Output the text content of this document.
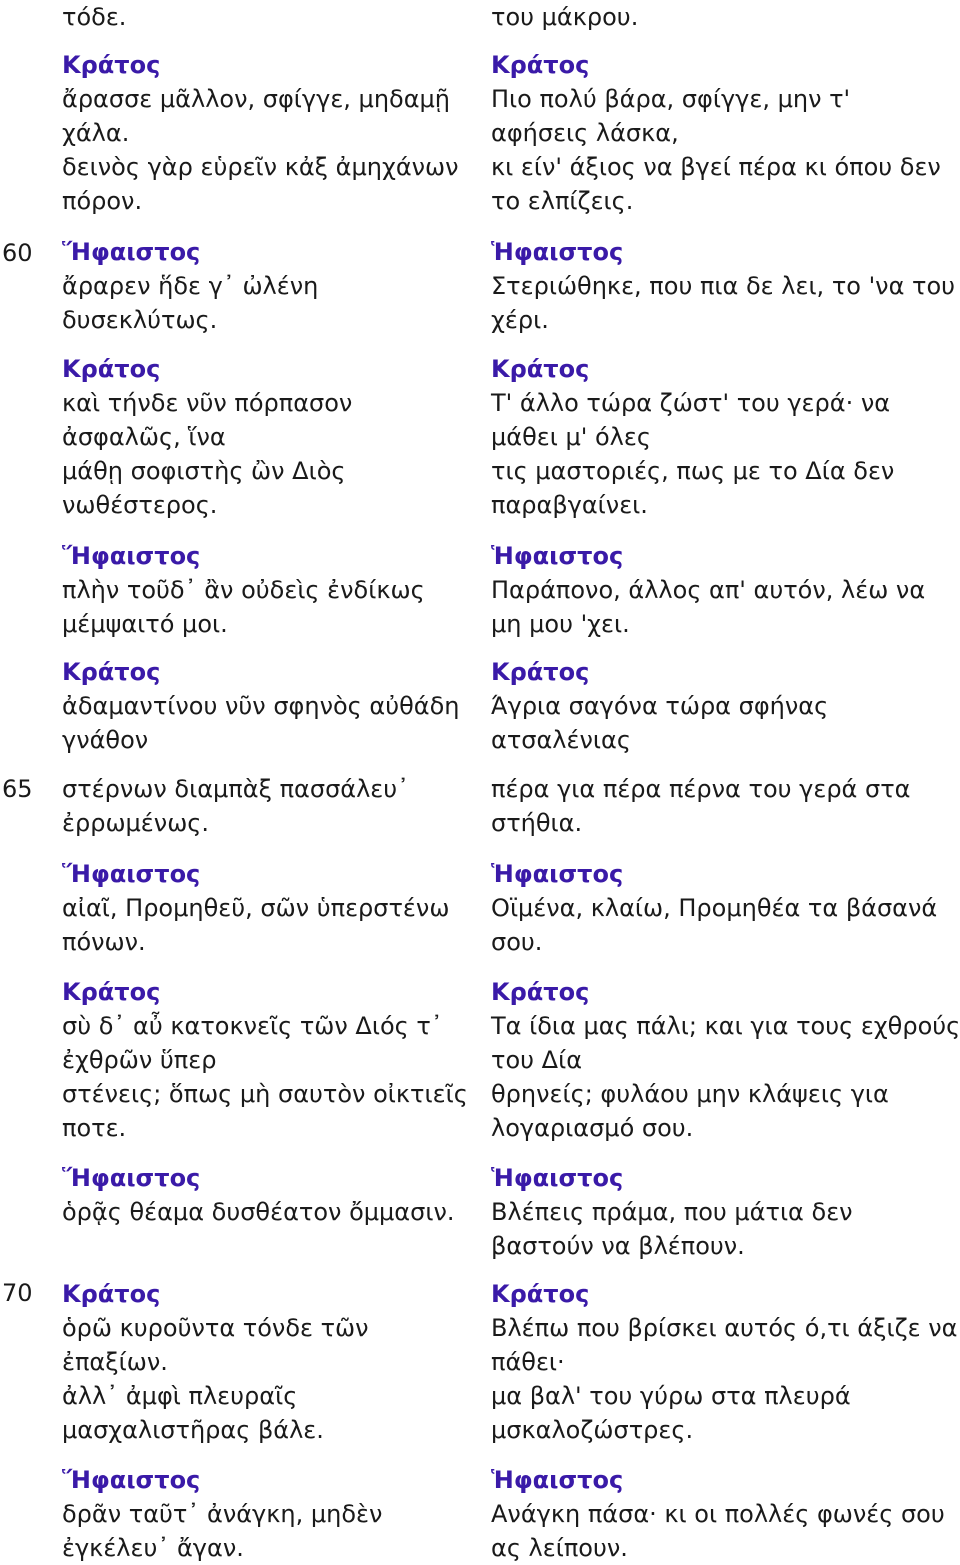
60
65
70
τόδε.
Κράτος
ἄρασσε μᾶλλον, σφίγγε, μηδαμῇ
χάλα.
δεινὸς γὰρ εὑρεῖν κἀξ ἀμηχάνων
πόρον.
Ἥφαιστος
ἄραρεν ἥδε γ᾽ ὠλένη
δυσεκλύτως.
Κράτος
καὶ τήνδε νῦν πόρπασον
ἀσφαλῶς, ἵνα
μάθῃ σοφιστὴς ὢν Διὸς
νωθέστερος.
Ἥφαιστος
πλὴν τοῦδ᾽ ἂν οὐδεὶς ἐνδίκως
μέμψαιτό μοι.
Κράτος
ἀδαμαντίνου νῦν σφηνὸς αὐθάδη
γνάθον
στέρνων διαμπὰξ πασσάλευ᾽
ἐρρωμένως.
Ἥφαιστος
αἰαῖ, Προμηθεῦ, σῶν ὑπερστένω
πόνων.
Κράτος
σὺ δ᾽ αὖ κατοκνεῖς τῶν Διός τ᾽
ἐχθρῶν ὕπερ
στένεις; ὅπως μὴ σαυτὸν οἰκτιεῖς
ποτε.
Ἥφαιστος
ὁρᾷς θέαμα δυσθέατον ὄμμασιν.
Κράτος
ὁρῶ κυροῦντα τόνδε τῶν
ἐπαξίων.
ἀλλ᾽ ἀμφὶ πλευραῖς
μασχαλιστῆρας βάλε.
Ἥφαιστος
δρᾶν ταῦτ᾽ ἀνάγκη, μηδὲν
ἐγκέλευ᾽ ἄγαν.
του μάκρου.
Κράτος
Πιο πολύ βάρα, σφίγγε, μην τ'
αφήσεις λάσκα,
κι είν' άξιος να βγεί πέρα κι όπου δεν
το ελπίζεις.
Ἡφαιστος
Στεριώθηκε, που πια δε λει, το 'να του
χέρι.
Κράτος
Τ' άλλο τώρα ζώστ' του γερά· να
μάθει μ' όλες
τις μαστοριές, πως με το Δία δεν
παραβγαίνει.
Ἡφαιστος
Παράπονο, άλλος απ' αυτόν, λέω να
μη μου 'χει.
Κράτος
Άγρια σαγόνα τώρα σφήνας
ατσαλένιας
πέρα για πέρα πέρνα του γερά στα
στήθια.
Ἡφαιστος
Οϊμένα, κλαίω, Προμηθέα τα βάσανά
σου.
Κράτος
Τα ίδια μας πάλι; και για τους εχθρούς
του Δία
θρηνείς; φυλάου μην κλάψεις για
λογαριασμό σου.
Ἡφαιστος
Βλέπεις πράμα, που μάτια δεν
βαστούν να βλέπουν.
Κράτος
Βλέπω που βρίσκει αυτός ό,τι άξιζε να
πάθει·
μα βαλ' του γύρω στα πλευρά
μσκαλοζώστρες.
Ἡφαιστος
Ανάγκη πάσα· κι οι πολλές φωνές σου
ας λείπουν.
